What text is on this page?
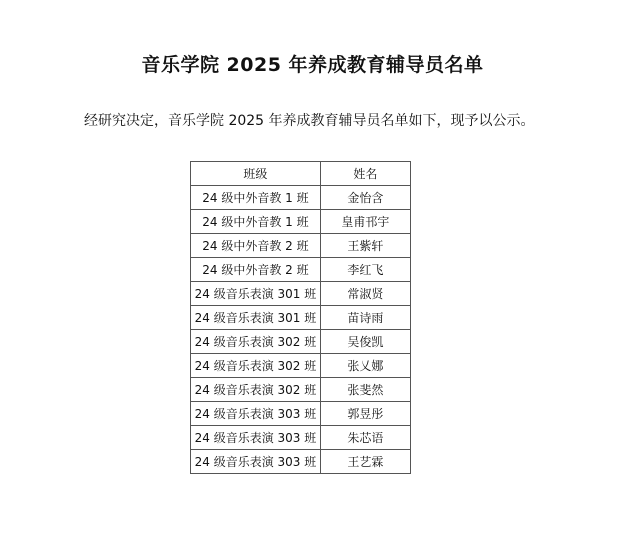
音乐学院 2025 年养成教育辅导员名单

经研究决定，音乐学院 2025 年养成教育辅导员名单如下，现予以公示。

班级	姓名
24 级中外音教 1 班	金怡含
24 级中外音教 1 班	皇甫邗宇
24 级中外音教 2 班	王紫轩
24 级中外音教 2 班	李红飞
24 级音乐表演 301 班	常淑贤
24 级音乐表演 301 班	苗诗雨
24 级音乐表演 302 班	吴俊凯
24 级音乐表演 302 班	张乂娜
24 级音乐表演 302 班	张斐然
24 级音乐表演 303 班	郭昱彤
24 级音乐表演 303 班	朱芯语
24 级音乐表演 303 班	王艺霖
